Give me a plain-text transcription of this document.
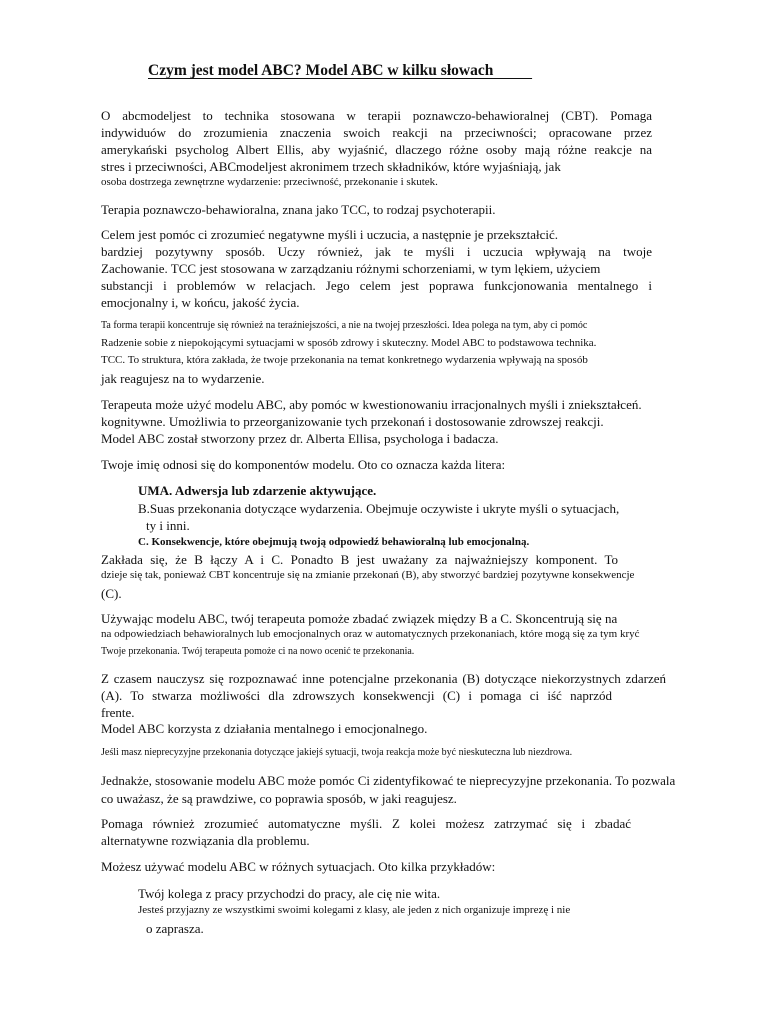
Czym jest model ABC? Model ABC w kilku słowach
O abcmodeljest to technika stosowana w terapii poznawczo-behawioralnej (CBT). Pomaga
indywiduów do zrozumienia znaczenia swoich reakcji na przeciwności; opracowane przez
amerykański psycholog Albert Ellis, aby wyjaśnić, dlaczego różne osoby mają różne reakcje na
stres i przeciwności, ABCmodeljest akronimem trzech składników, które wyjaśniają, jak
osoba dostrzega zewnętrzne wydarzenie: przeciwność, przekonanie i skutek.
Terapia poznawczo-behawioralna, znana jako TCC, to rodzaj psychoterapii.
Celem jest pomóc ci zrozumieć negatywne myśli i uczucia, a następnie je przekształcić.
bardziej pozytywny sposób. Uczy również, jak te myśli i uczucia wpływają na twoje
Zachowanie. TCC jest stosowana w zarządzaniu różnymi schorzeniami, w tym lękiem, użyciem
substancji i problemów w relacjach. Jego celem jest poprawa funkcjonowania mentalnego i
emocjonalny i, w końcu, jakość życia.
Ta forma terapii koncentruje się również na teraźniejszości, a nie na twojej przeszłości. Idea polega na tym, aby ci pomóc
Radzenie sobie z niepokojącymi sytuacjami w sposób zdrowy i skuteczny. Model ABC to podstawowa technika.
TCC. To struktura, która zakłada, że twoje przekonania na temat konkretnego wydarzenia wpływają na sposób
jak reagujesz na to wydarzenie.
Terapeuta może użyć modelu ABC, aby pomóc w kwestionowaniu irracjonalnych myśli i zniekształceń.
kognitywne. Umożliwia to przeorganizowanie tych przekonań i dostosowanie zdrowszej reakcji.
Model ABC został stworzony przez dr. Alberta Ellisa, psychologa i badacza.
Twoje imię odnosi się do komponentów modelu. Oto co oznacza każda litera:
UMA. Adwersja lub zdarzenie aktywujące.
B.Suas przekonania dotyczące wydarzenia. Obejmuje oczywiste i ukryte myśli o sytuacjach,
ty i inni.
C. Konsekwencje, które obejmują twoją odpowiedź behawioralną lub emocjonalną.
Zakłada się, że B łączy A i C. Ponadto B jest uważany za najważniejszy komponent. To
dzieje się tak, ponieważ CBT koncentruje się na zmianie przekonań (B), aby stworzyć bardziej pozytywne konsekwencje
(C).
Używając modelu ABC, twój terapeuta pomoże zbadać związek między B a C. Skoncentrują się na
na odpowiedziach behawioralnych lub emocjonalnych oraz w automatycznych przekonaniach, które mogą się za tym kryć
Twoje przekonania. Twój terapeuta pomoże ci na nowo ocenić te przekonania.
Z czasem nauczysz się rozpoznawać inne potencjalne przekonania (B) dotyczące niekorzystnych zdarzeń
(A). To stwarza możliwości dla zdrowszych konsekwencji (C) i pomaga ci iść naprzód
frente.
Model ABC korzysta z działania mentalnego i emocjonalnego.
Jeśli masz nieprecyzyjne przekonania dotyczące jakiejś sytuacji, twoja reakcja może być nieskuteczna lub niezdrowa.
Jednakże, stosowanie modelu ABC może pomóc Ci zidentyfikować te nieprecyzyjne przekonania. To pozwala
co uważasz, że są prawdziwe, co poprawia sposób, w jaki reagujesz.
Pomaga również zrozumieć automatyczne myśli. Z kolei możesz zatrzymać się i zbadać
alternatywne rozwiązania dla problemu.
Możesz używać modelu ABC w różnych sytuacjach. Oto kilka przykładów:
Twój kolega z pracy przychodzi do pracy, ale cię nie wita.
Jesteś przyjazny ze wszystkimi swoimi kolegami z klasy, ale jeden z nich organizuje imprezę i nie
o zaprasza.
